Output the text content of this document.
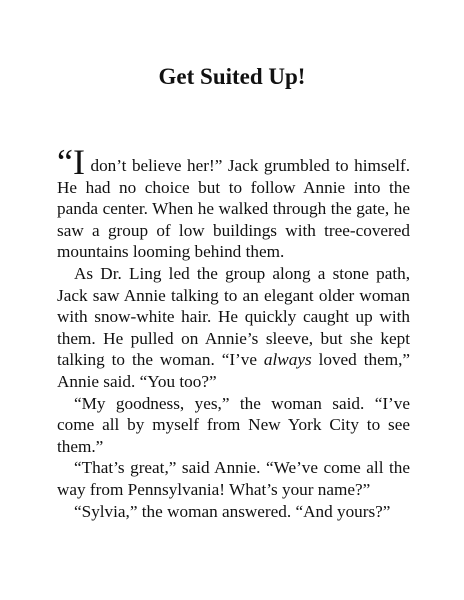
Get Suited Up!

“I don’t believe her!” Jack grumbled to himself. He had no choice but to follow Annie into the panda center. When he walked through the gate, he saw a group of low buildings with tree-covered mountains looming behind them.

As Dr. Ling led the group along a stone path, Jack saw Annie talking to an elegant older woman with snow-white hair. He quickly caught up with them. He pulled on Annie’s sleeve, but she kept talking to the woman. “I’ve always loved them,” Annie said. “You too?”

“My goodness, yes,” the woman said. “I’ve come all by myself from New York City to see them.”

“That’s great,” said Annie. “We’ve come all the way from Pennsylvania! What’s your name?”

“Sylvia,” the woman answered. “And yours?”
